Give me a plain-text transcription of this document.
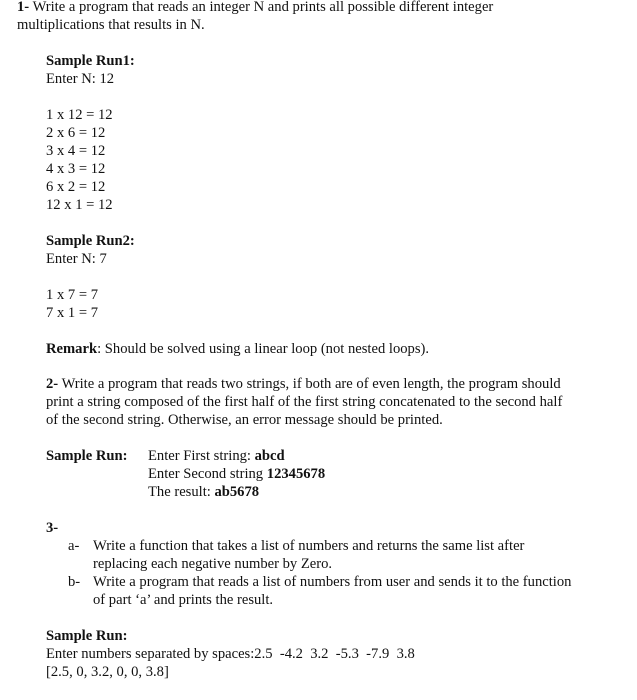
1- Write a program that reads an integer N and prints all possible different integer
multiplications that results in N.
Sample Run1:
Enter N: 12
1 x 12 = 12
2 x 6 = 12
3 x 4 = 12
4 x 3 = 12
6 x 2 = 12
12 x 1 = 12
Sample Run2:
Enter N: 7
1 x 7 = 7
7 x 1 = 7
Remark: Should be solved using a linear loop (not nested loops).
2- Write a program that reads two strings, if both are of even length, the program should
print a string composed of the first half of the first string concatenated to the second half
of the second string. Otherwise, an error message should be printed.
Sample Run: Enter First string: abcd
Enter Second string 12345678
The result: ab5678
3-
a- Write a function that takes a list of numbers and returns the same list after
replacing each negative number by Zero.
b- Write a program that reads a list of numbers from user and sends it to the function
of part ‘a’ and prints the result.
Sample Run:
Enter numbers separated by spaces:2.5  -4.2  3.2  -5.3  -7.9  3.8
[2.5, 0, 3.2, 0, 0, 3.8]
